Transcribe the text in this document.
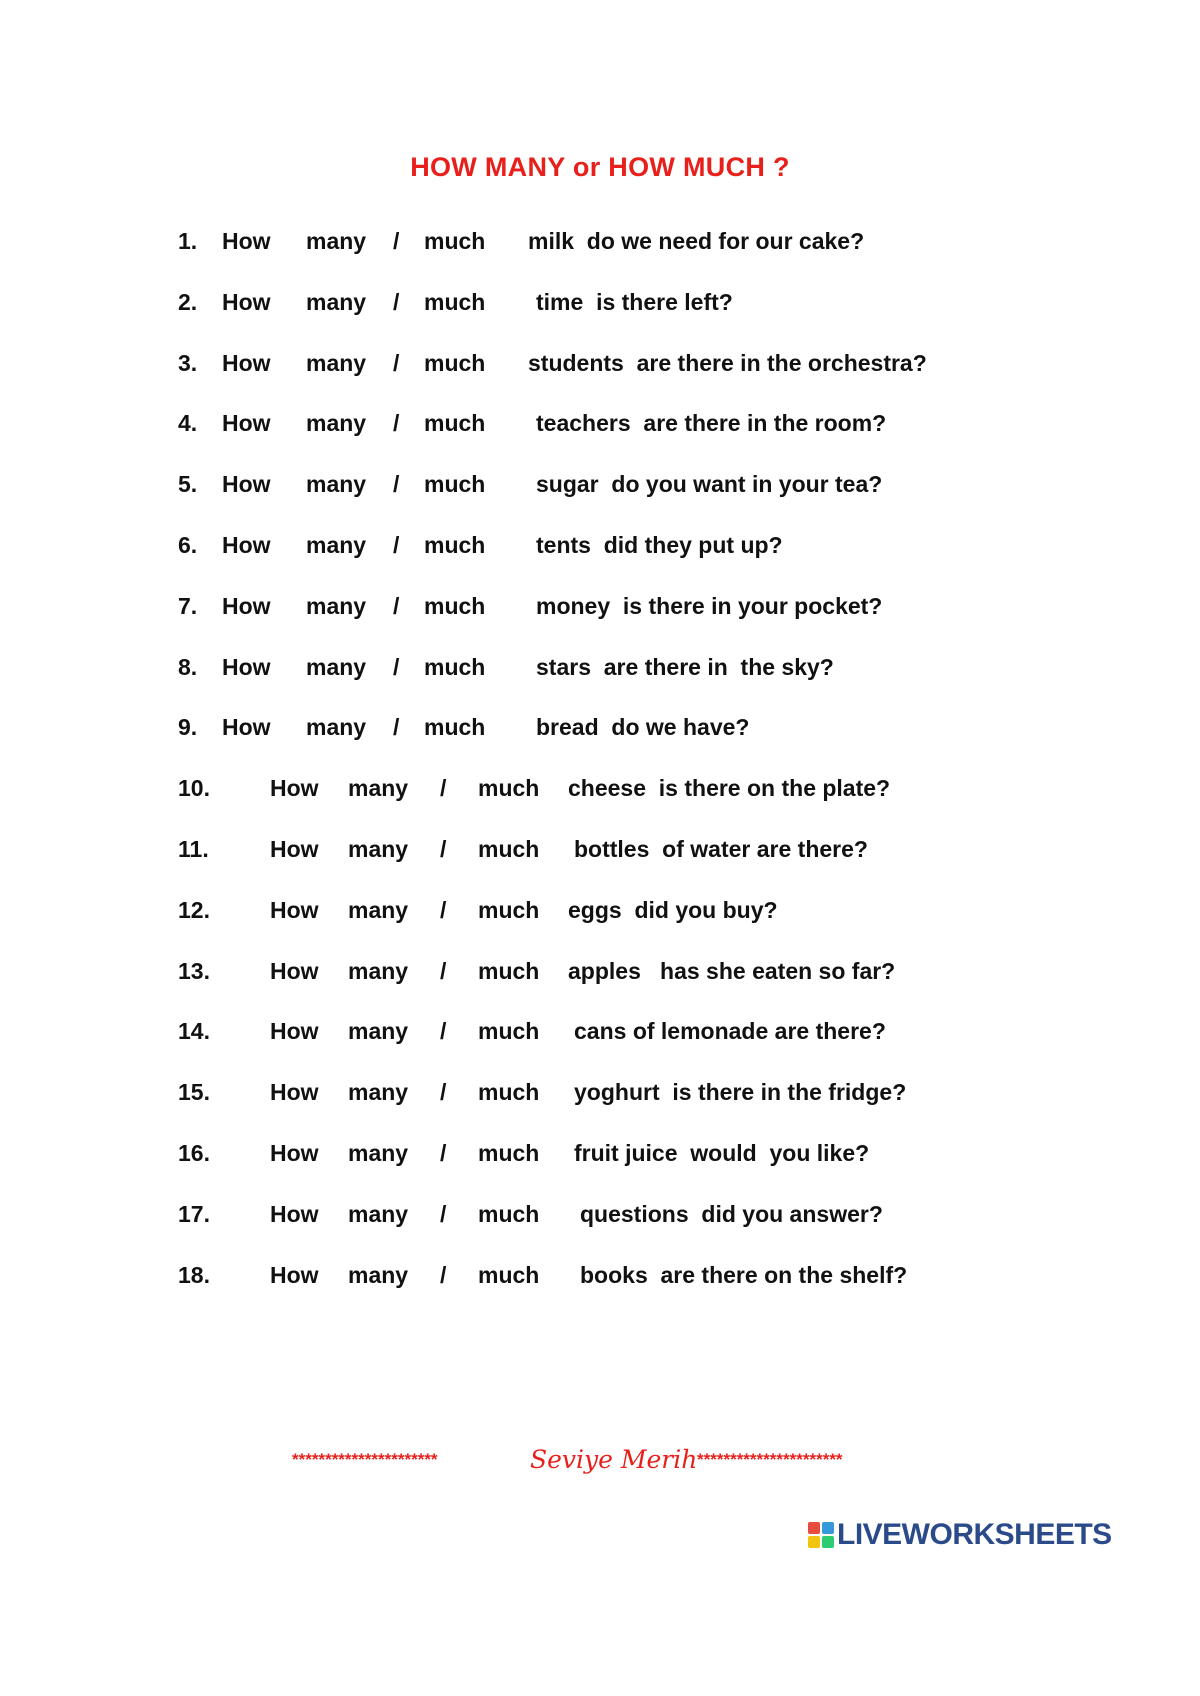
HOW MANY or HOW MUCH ?
1. How many / much milk  do we need for our cake?
2. How many / much time  is there left?
3. How many / much students  are there in the orchestra?
4. How many / much teachers  are there in the room?
5. How many / much sugar  do you want in your tea?
6. How many / much tents  did they put up?
7. How many / much money  is there in your pocket?
8. How many / much stars  are there in  the sky?
9. How many / much bread  do we have?
10.	How many / much cheese  is there on the plate?
11.	How many / much bottles  of water are there?
12.	How many / much eggs  did you buy?
13.	How many / much apples   has she eaten so far?
14.	How many / much cans of lemonade are there?
15.	How many / much yoghurt  is there in the fridge?
16.	How many / much fruit juice  would  you like?
17.	How many / much questions  did you answer?
18.	How many / much books  are there on the shelf?
**********************	Seviye Merih **********************
LIVEWORKSHEETS
